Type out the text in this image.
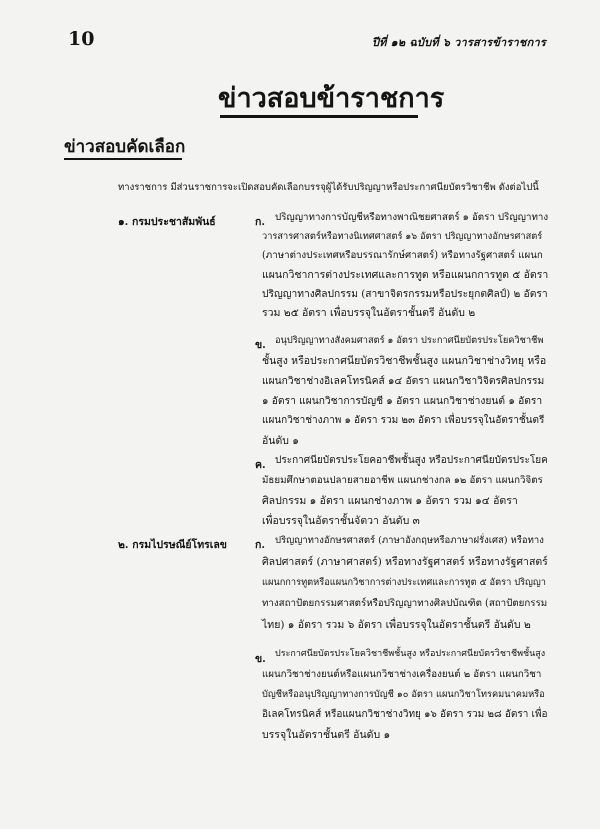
10	ปีที่ ๑๒ ฉบับที่ ๖ วารสารข้าราชการ
ข่าวสอบข้าราชการ
ข่าวสอบคัดเลือก
ทางราชการ มีส่วนราชการจะเปิดสอบคัดเลือกบรรจุผู้ได้รับปริญญาหรือประกาศนียบัตรวิชาชีพ ดังต่อไปนี้
๑. กรมประชาสัมพันธ์	ก. ปริญญาทางการบัญชีหรือทางพาณิชยศาสตร์ ๑ อัตรา ปริญญาทาง
วารสารศาสตร์หรือทางนิเทศศาสตร์ ๑๖ อัตรา ปริญญาทางอักษรศาสตร์
(ภาษาต่างประเทศหรือบรรณารักษ์ศาสตร์) หรือทางรัฐศาสตร์ แผนก
แผนกวิชาการต่างประเทศและการทูต หรือแผนกการทูต ๕ อัตรา
ปริญญาทางศิลปกรรม (สาขาจิตรกรรมหรือประยุกตศิลป์) ๒ อัตรา
รวม ๒๕ อัตรา เพื่อบรรจุในอัตราชั้นตรี อันดับ ๒
ข. อนุปริญญาทางสังคมศาสตร์ ๑ อัตรา ประกาศนียบัตรประโยควิชาชีพ
ชั้นสูง หรือประกาศนียบัตรวิชาชีพชั้นสูง แผนกวิชาช่างวิทยุ หรือ
แผนกวิชาช่างอิเลคโทรนิคส์ ๑๔ อัตรา แผนกวิชาวิจิตรศิลปกรรม
๑ อัตรา แผนกวิชาการบัญชี ๑ อัตรา แผนกวิชาช่างยนต์ ๑ อัตรา
แผนกวิชาช่างภาพ ๑ อัตรา รวม ๒๓ อัตรา เพื่อบรรจุในอัตราชั้นตรี
อันดับ ๑
ค. ประกาศนียบัตรประโยคอาชีพชั้นสูง หรือประกาศนียบัตรประโยค
มัธยมศึกษาตอนปลายสายอาชีพ แผนกช่างกล ๑๒ อัตรา แผนกวิจิตร
ศิลปกรรม ๑ อัตรา แผนกช่างภาพ ๑ อัตรา รวม ๑๔ อัตรา
เพื่อบรรจุในอัตราชั้นจัตวา อันดับ ๓
๒. กรมไปรษณีย์โทรเลข	ก. ปริญญาทางอักษรศาสตร์ (ภาษาอังกฤษหรือภาษาฝรั่งเศส) หรือทาง
ศิลปศาสตร์ (ภาษาศาสตร์) หรือทางรัฐศาสตร์ หรือทางรัฐศาสตร์
แผนกการทูตหรือแผนกวิชาการต่างประเทศและการทูต ๕ อัตรา ปริญญา
ทางสถาปัตยกรรมศาสตร์หรือปริญญาทางศิลปบัณฑิต (สถาปัตยกรรม
ไทย) ๑ อัตรา รวม ๖ อัตรา เพื่อบรรจุในอัตราชั้นตรี อันดับ ๒
ข. ประกาศนียบัตรประโยควิชาชีพชั้นสูง หรือประกาศนียบัตรวิชาชีพชั้นสูง
แผนกวิชาช่างยนต์หรือแผนกวิชาช่างเครื่องยนต์ ๒ อัตรา แผนกวิชา
บัญชีหรืออนุปริญญาทางการบัญชี ๑๐ อัตรา แผนกวิชาโทรคมนาคมหรือ
อิเลคโทรนิคส์ หรือแผนกวิชาช่างวิทยุ ๑๖ อัตรา รวม ๒๘ อัตรา เพื่อ
บรรจุในอัตราชั้นตรี อันดับ ๑
